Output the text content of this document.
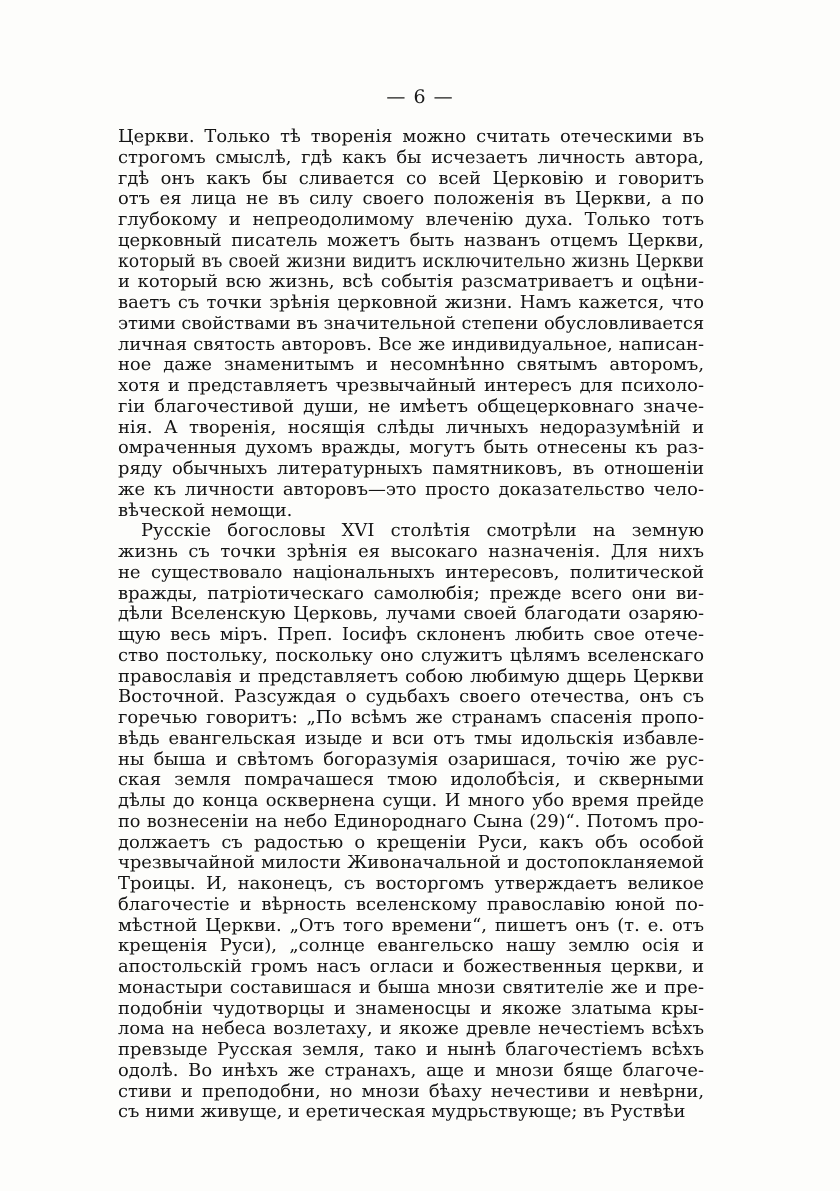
— 6 —
Церкви. Только тѣ творенія можно считать отеческими въ
строгомъ смыслѣ, гдѣ какъ бы исчезаетъ личность автора,
гдѣ онъ какъ бы сливается со всей Церковію и говоритъ
отъ ея лица не въ силу своего положенія въ Церкви, а по
глубокому и непреодолимому влеченію духа. Только тотъ
церковный писатель можетъ быть названъ отцемъ Церкви,
который въ своей жизни видитъ исключительно жизнь Церкви
и который всю жизнь, всѣ событія разсматриваетъ и оцѣни-
ваетъ съ точки зрѣнія церковной жизни. Намъ кажется, что
этими свойствами въ значительной степени обусловливается
личная святость авторовъ. Все же индивидуальное, написан-
ное даже знаменитымъ и несомнѣнно святымъ авторомъ,
хотя и представляетъ чрезвычайный интересъ для психоло-
гіи благочестивой души, не имѣетъ общецерковнаго значе-
нія. А творенія, носящія слѣды личныхъ недоразумѣній и
омраченныя духомъ вражды, могутъ быть отнесены къ раз-
ряду обычныхъ литературныхъ памятниковъ, въ отношеніи
же къ личности авторовъ—это просто доказательство чело-
вѣческой немощи.
Русскіе богословы XVI столѣтія смотрѣли на земную
жизнь съ точки зрѣнія ея высокаго назначенія. Для нихъ
не существовало національныхъ интересовъ, политической
вражды, патріотическаго самолюбія; прежде всего они ви-
дѣли Вселенскую Церковь, лучами своей благодати озаряю-
щую весь міръ. Преп. Іосифъ склоненъ любить свое отече-
ство постольку, поскольку оно служитъ цѣлямъ вселенскаго
православія и представляетъ собою любимую дщерь Церкви
Восточной. Разсуждая о судьбахъ своего отечества, онъ съ
горечью говоритъ: „По всѣмъ же странамъ спасенія пропо-
вѣдь евангельская изыде и вси отъ тмы идольскія избавле-
ны быша и свѣтомъ богоразумія озаришася, точію же рус-
ская земля помрачашеся тмою идолобѣсія, и скверными
дѣлы до конца осквернена сущи. И много убо время прейде
по вознесеніи на небо Единороднаго Сына (29)“. Потомъ про-
должаетъ съ радостью о крещеніи Руси, какъ объ особой
чрезвычайной милости Живоначальной и достопокланяемой
Троицы. И, наконецъ, съ восторгомъ утверждаетъ великое
благочестіе и вѣрность вселенскому православію юной по-
мѣстной Церкви. „Отъ того времени“, пишетъ онъ (т. е. отъ
крещенія Руси), „солнце евангельско нашу землю осія и
апостольскій громъ насъ огласи и божественныя церкви, и
монастыри составишася и быша мнози святителіе же и пре-
подобніи чудотворцы и знаменосцы и якоже златыма кры-
лома на небеса возлетаху, и якоже древле нечестіемъ всѣхъ
превзыде Русская земля, тако и нынѣ благочестіемъ всѣхъ
одолѣ. Во инѣхъ же странахъ, аще и мнози бяще благоче-
стиви и преподобни, но мнози бѣаху нечестиви и невѣрни,
съ ними живуще, и еретическая мудрьствующе; въ Руствѣи
